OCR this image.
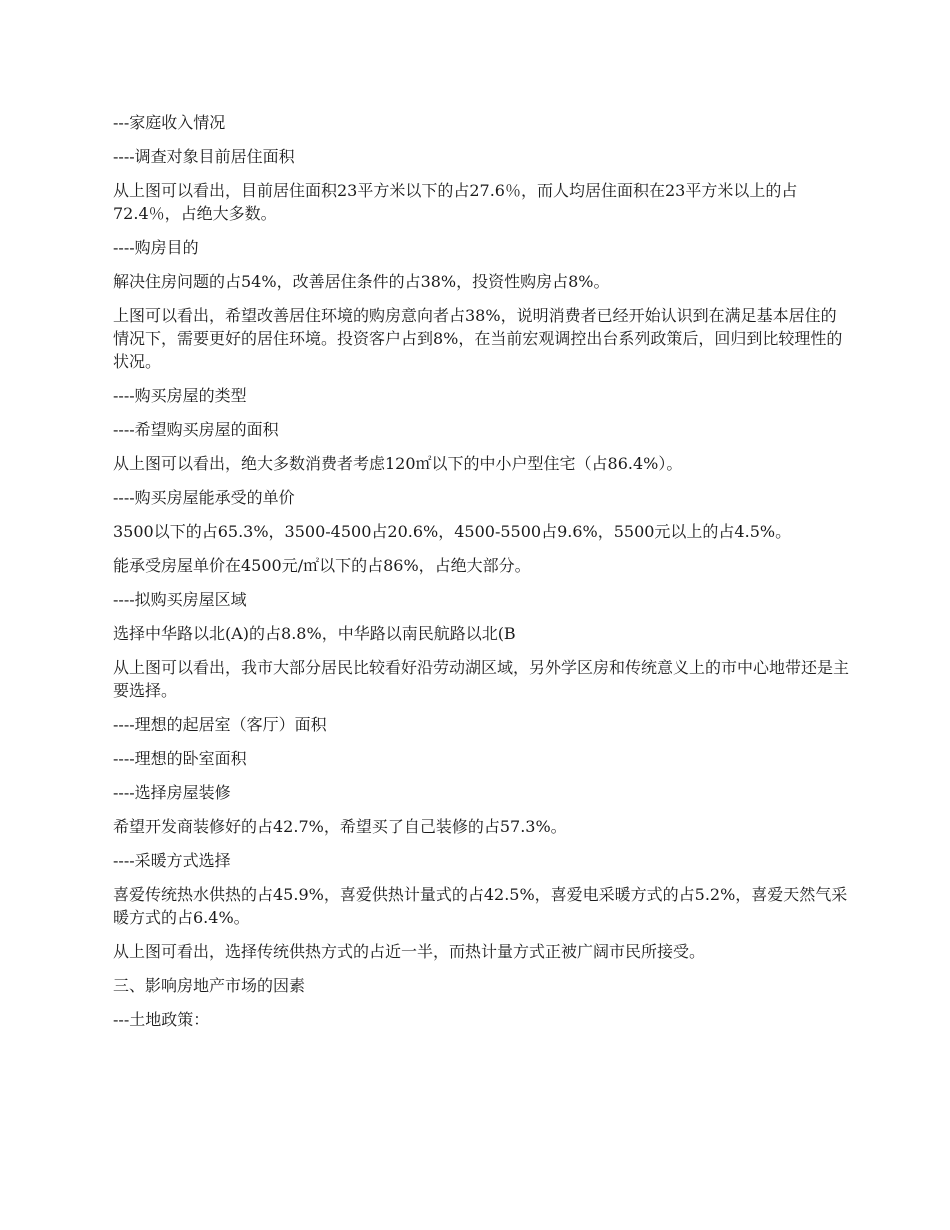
---家庭收入情况

----调查对象目前居住面积

从上图可以看出，目前居住面积23平方米以下的占27.6％，而人均居住面积在23平方米以上的占72.4％，占绝大多数。

----购房目的

解决住房问题的占54%，改善居住条件的占38%，投资性购房占8%。

上图可以看出，希望改善居住环境的购房意向者占38%，说明消费者已经开始认识到在满足基本居住的情况下，需要更好的居住环境。投资客户占到8%，在当前宏观调控出台系列政策后，回归到比较理性的状况。

----购买房屋的类型

----希望购买房屋的面积

从上图可以看出，绝大多数消费者考虑120㎡以下的中小户型住宅（占86.4%）。

----购买房屋能承受的单价

3500以下的占65.3%，3500-4500占20.6%，4500-5500占9.6%，5500元以上的占4.5%。

能承受房屋单价在4500元/㎡以下的占86%，占绝大部分。

----拟购买房屋区域

选择中华路以北(A)的占8.8%，中华路以南民航路以北(B

从上图可以看出，我市大部分居民比较看好沿劳动湖区域，另外学区房和传统意义上的市中心地带还是主要选择。

----理想的起居室（客厅）面积

----理想的卧室面积

----选择房屋装修

希望开发商装修好的占42.7%，希望买了自己装修的占57.3%。

----采暖方式选择

喜爱传统热水供热的占45.9%，喜爱供热计量式的占42.5%，喜爱电采暖方式的占5.2%，喜爱天然气采暖方式的占6.4%。

从上图可看出，选择传统供热方式的占近一半，而热计量方式正被广阔市民所接受。

三、影响房地产市场的因素

---土地政策：
